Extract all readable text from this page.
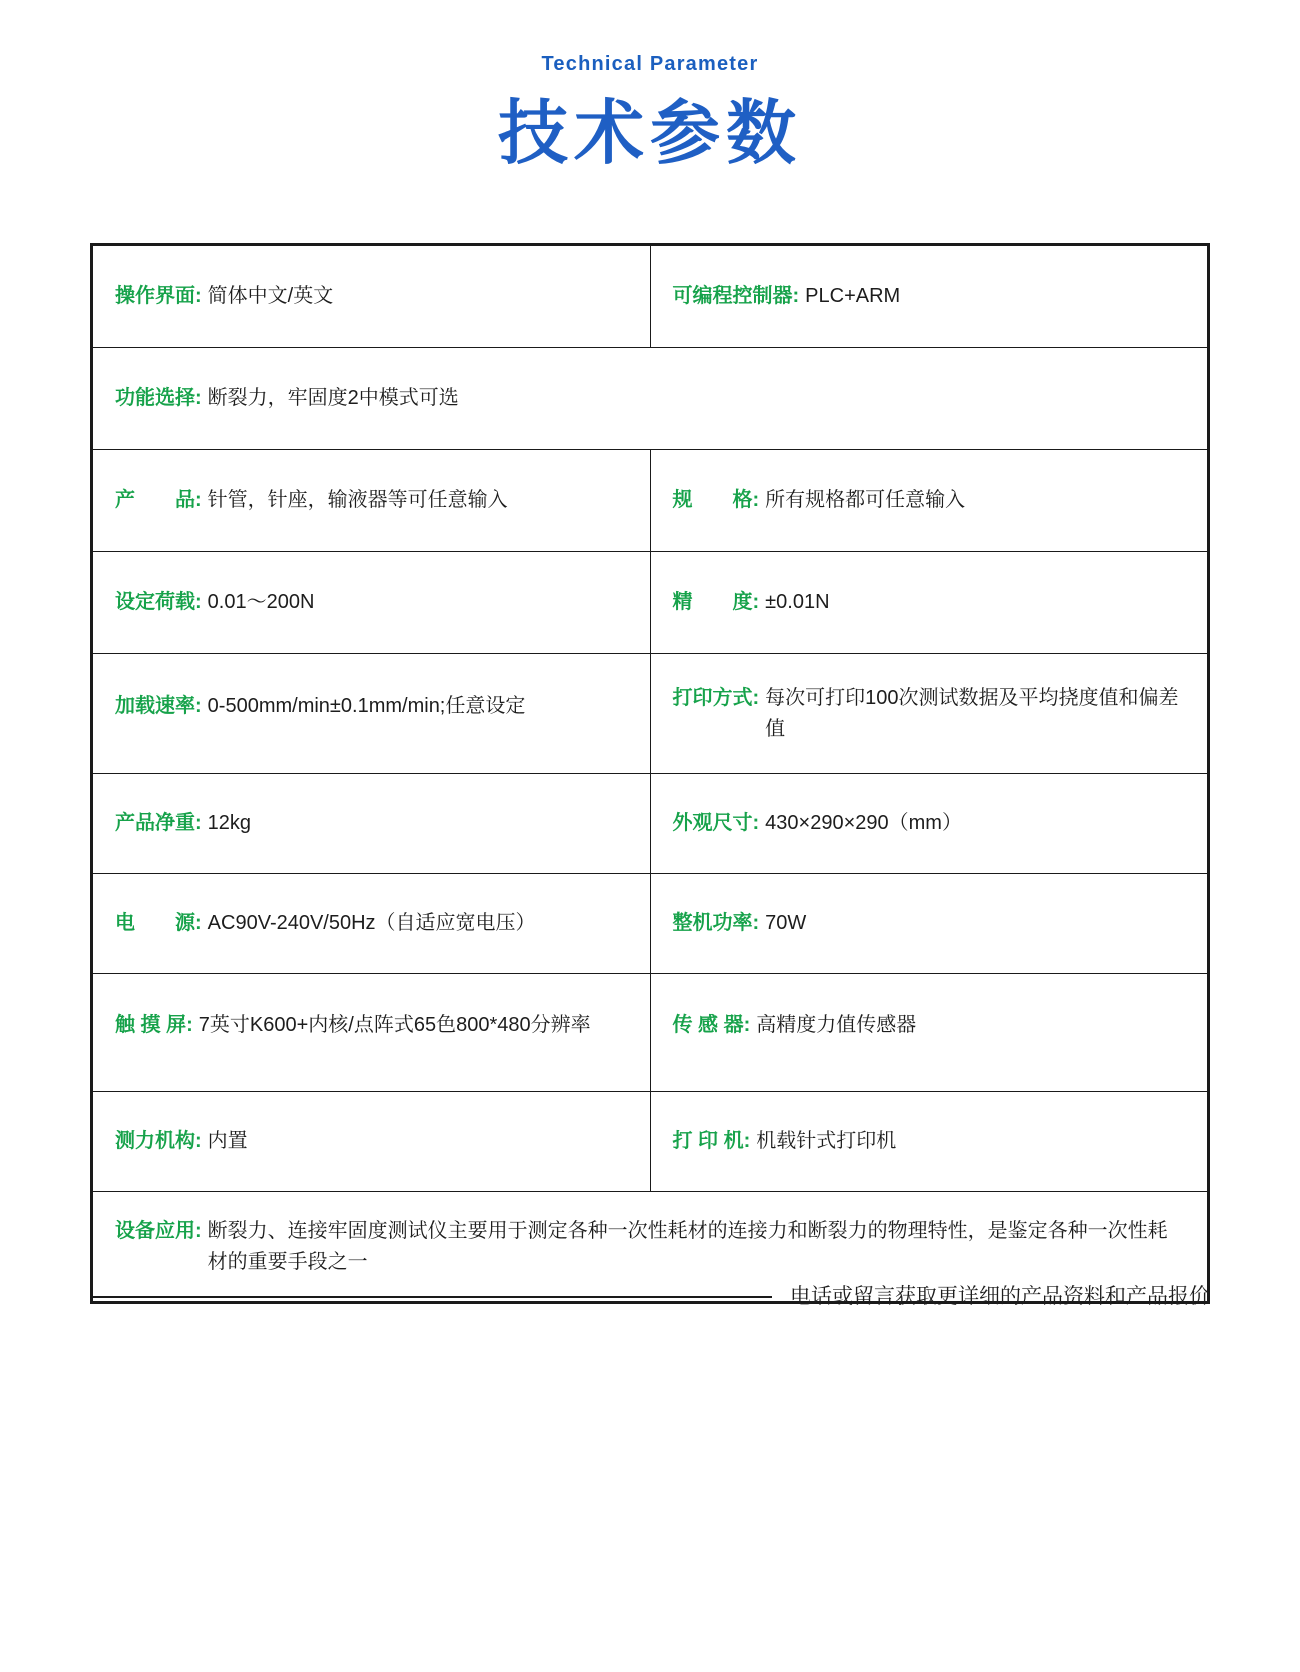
Technical Parameter
技术参数
操作界面: 简体中文/英文	可编程控制器: PLC+ARM

功能选择: 断裂力，牢固度2中模式可选	

产　　品: 针管，针座，输液器等可任意输入	规　　格: 所有规格都可任意输入

设定荷载: 0.01～200N	精　　度: ±0.01N

加载速率: 0-500mm/min±0.1mm/min;任意设定	打印方式: 每次可打印100次测试数据及平均挠度值和偏差值

产品净重: 12kg	外观尺寸: 430×290×290（mm）

电　　源: AC90V-240V/50Hz（自适应宽电压）	整机功率: 70W

触 摸 屏: 7英寸K600+内核/点阵式65色800*480分辨率	传 感 器: 高精度力值传感器

测力机构: 内置	打 印 机: 机载针式打印机

设备应用: 断裂力、连接牢固度测试仪主要用于测定各种一次性耗材的连接力和断裂力的物理特性，是鉴定各种一次性耗材的重要手段之一	
电话或留言获取更详细的产品资料和产品报价
